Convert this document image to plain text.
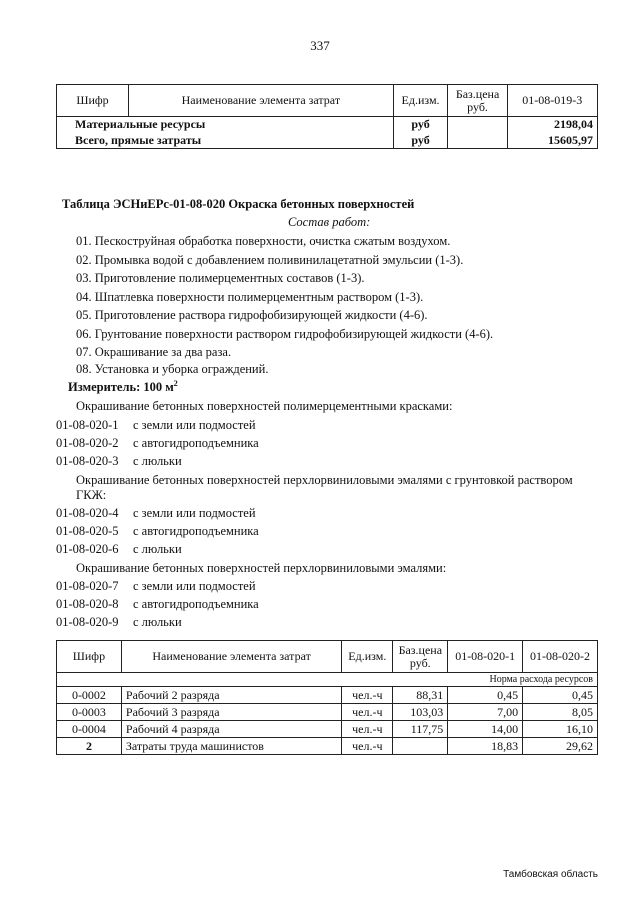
337
Шифр	Наименование элемента затрат	Ед.изм.	Баз.цена руб.	01-08-019-3
Материальные ресурсы		руб		2198,04
Всего, прямые затраты		руб		15605,97
Таблица ЭСНиЕРс-01-08-020 Окраска бетонных поверхностей
Состав работ:
01. Пескоструйная обработка поверхности, очистка сжатым воздухом.
02. Промывка водой с добавлением поливинилацетатной эмульсии (1-3).
03. Приготовление полимерцементных составов (1-3).
04. Шпатлевка поверхности полимерцементным раствором (1-3).
05. Приготовление раствора гидрофобизирующей жидкости (4-6).
06. Грунтование поверхности раствором гидрофобизирующей жидкости (4-6).
07. Окрашивание за два раза.
08. Установка и уборка ограждений.
Измеритель: 100 $м^2$
Окрашивание бетонных поверхностей полимерцементными красками:
01-08-020-1 с земли или подмостей
01-08-020-2 с автогидроподъемника
01-08-020-3 с люльки
Окрашивание бетонных поверхностей перхлорвиниловыми эмалями с грунтовкой раствором
ГКЖ:
01-08-020-4 с земли или подмостей
01-08-020-5 с автогидроподъемника
01-08-020-6 с люльки
Окрашивание бетонных поверхностей перхлорвиниловыми эмалями:
01-08-020-7 с земли или подмостей
01-08-020-8 с автогидроподъемника
01-08-020-9 с люльки
Шифр	Наименование элемента затрат	Ед.изм.	Баз.цена руб.	01-08-020-1	01-08-020-2
				Норма расхода ресурсов	
0-0002	Рабочий 2 разряда	чел.-ч	88,31	0,45	0,45
0-0003	Рабочий 3 разряда	чел.-ч	103,03	7,00	8,05
0-0004	Рабочий 4 разряда	чел.-ч	117,75	14,00	16,10
2	Затраты труда машинистов	чел.-ч		18,83	29,62
Тамбовская область
